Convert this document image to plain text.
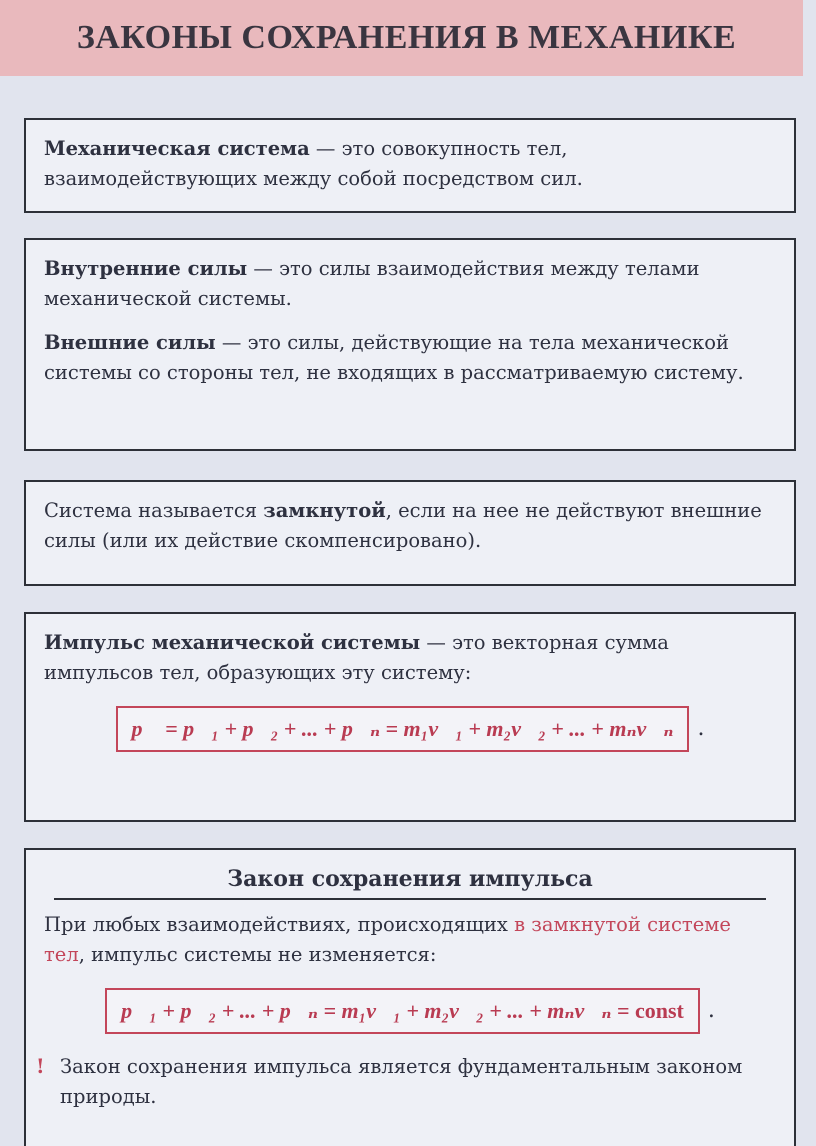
ЗАКОНЫ СОХРАНЕНИЯ В МЕХАНИКЕ

Механическая система — это совокупность тел, взаимодействующих между собой посредством сил.

Внутренние силы — это силы взаимодействия между телами механической системы.

Внешние силы — это силы, действующие на тела механической системы со стороны тел, не входящих в рассматриваемую систему.

Система называется замкнутой, если на нее не действуют внешние силы (или их действие скомпенсировано).

Импульс механической системы — это векторная сумма импульсов тел, образующих эту систему:

p⃗ = p⃗₁ + p⃗₂ + ... + p⃗ₙ = m₁v⃗₁ + m₂v⃗₂ + ... + mₙv⃗ₙ	.
Закон сохранения импульса

При любых взаимодействиях, происходящих в замкнутой системе тел, импульс системы не изменяется:

p⃗₁ + p⃗₂ + ... + p⃗ₙ = m₁v⃗₁ + m₂v⃗₂ + ... + mₙv⃗ₙ = const	.
! Закон сохранения импульса является фундаментальным законом природы.
